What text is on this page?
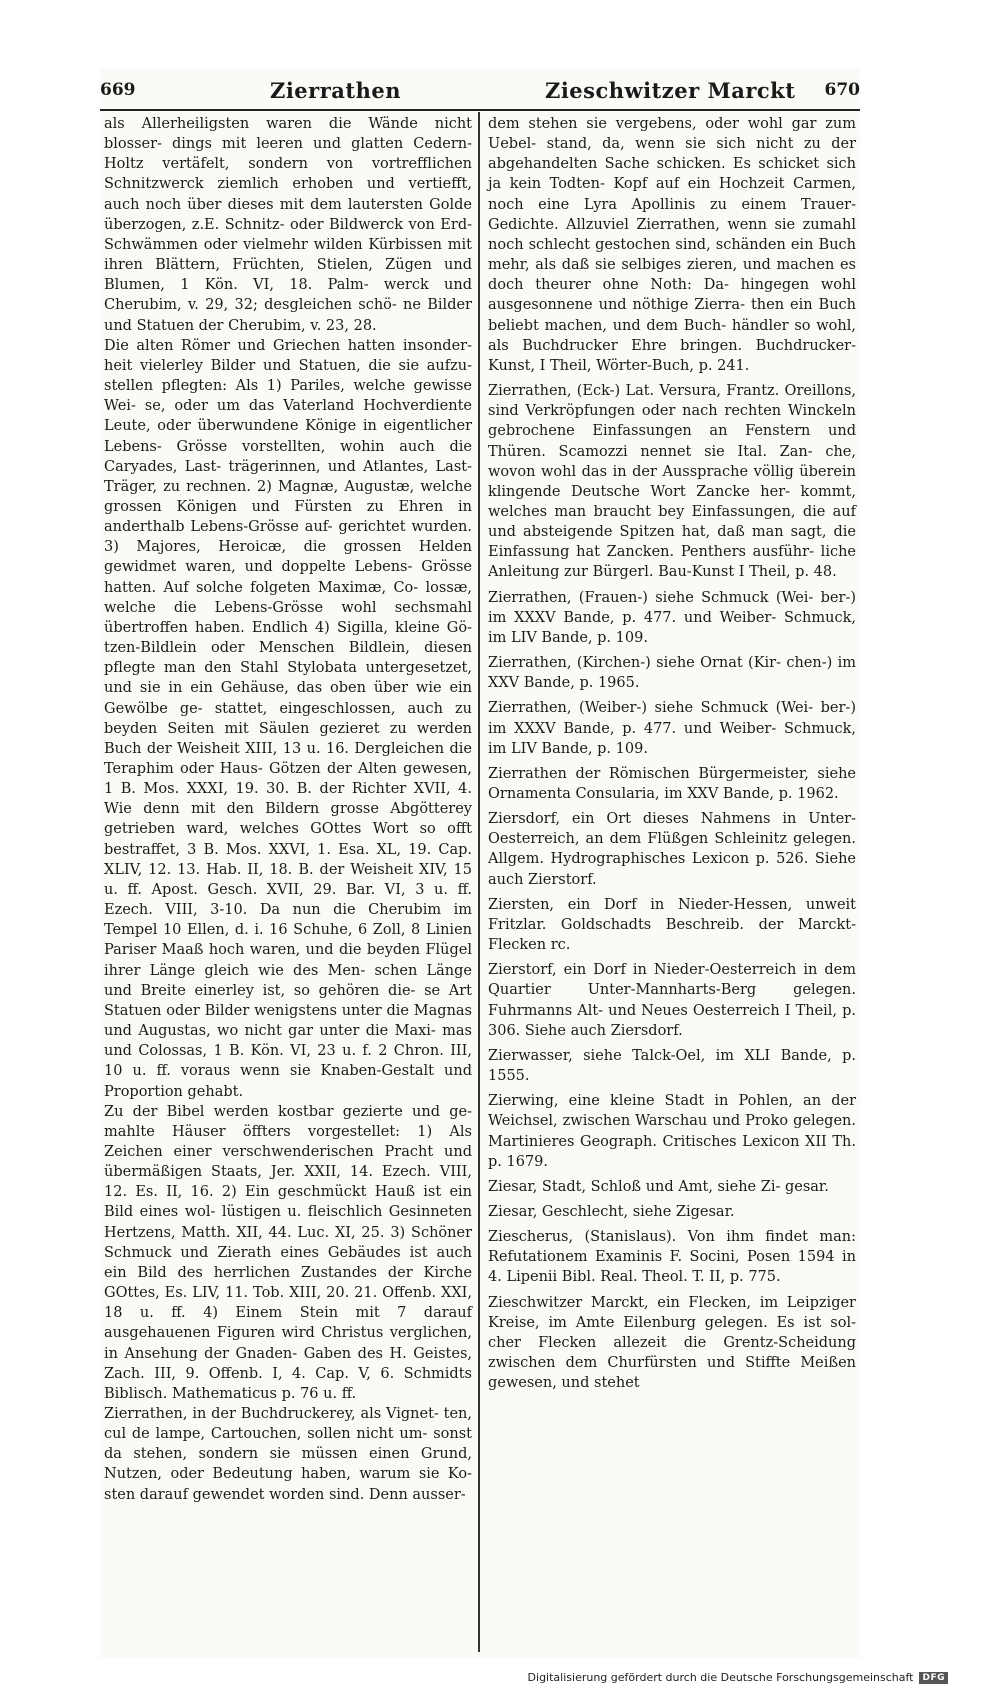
669	Zierrathen	Zieschwitzer Marckt 670

als Allerheiligsten waren die Wände nicht blosser- dings mit leeren und glatten Cedern-Holtz vertäfelt, sondern von vortrefflichen Schnitzwerck ziemlich erhoben und vertiefft, auch noch über dieses mit dem lautersten Golde überzogen, z.E. Schnitz- oder Bildwerck von Erd-Schwämmen oder vielmehr wilden Kürbissen mit ihren Blättern, Früchten, Stielen, Zügen und Blumen, 1 Kön. VI, 18. Palm- werck und Cherubim, v. 29, 32; desgleichen schö- ne Bilder und Statuen der Cherubim, v. 23, 28.

Die alten Römer und Griechen hatten insonder- heit vielerley Bilder und Statuen, die sie aufzu- stellen pflegten: Als 1) Pariles, welche gewisse Wei- se, oder um das Vaterland Hochverdiente Leute, oder überwundene Könige in eigentlicher Lebens- Grösse vorstellten, wohin auch die Caryades, Last- trägerinnen, und Atlantes, Last-Träger, zu rechnen. 2) Magnæ, Augustæ, welche grossen Königen und Fürsten zu Ehren in anderthalb Lebens-Grösse auf- gerichtet wurden. 3) Majores, Heroicæ, die grossen Helden gewidmet waren, und doppelte Lebens- Grösse hatten. Auf solche folgeten Maximæ, Co- lossæ, welche die Lebens-Grösse wohl sechsmahl übertroffen haben. Endlich 4) Sigilla, kleine Gö- tzen-Bildlein oder Menschen Bildlein, diesen pflegte man den Stahl Stylobata untergesetzet, und sie in ein Gehäuse, das oben über wie ein Gewölbe ge- stattet, eingeschlossen, auch zu beyden Seiten mit Säulen gezieret zu werden Buch der Weisheit XIII, 13 u. 16. Dergleichen die Teraphim oder Haus- Götzen der Alten gewesen, 1 B. Mos. XXXI, 19. 30. B. der Richter XVII, 4. Wie denn mit den Bildern grosse Abgötterey getrieben ward, welches GOttes Wort so offt bestraffet, 3 B. Mos. XXVI, 1. Esa. XL, 19. Cap. XLIV, 12. 13. Hab. II, 18. B. der Weisheit XIV, 15 u. ff. Apost. Gesch. XVII, 29. Bar. VI, 3 u. ff. Ezech. VIII, 3-10. Da nun die Cherubim im Tempel 10 Ellen, d. i. 16 Schuhe, 6 Zoll, 8 Linien Pariser Maaß hoch waren, und die beyden Flügel ihrer Länge gleich wie des Men- schen Länge und Breite einerley ist, so gehören die- se Art Statuen oder Bilder wenigstens unter die Magnas und Augustas, wo nicht gar unter die Maxi- mas und Colossas, 1 B. Kön. VI, 23 u. f. 2 Chron. III, 10 u. ff. voraus wenn sie Knaben-Gestalt und Proportion gehabt.

Zu der Bibel werden kostbar gezierte und ge- mahlte Häuser öffters vorgestellet: 1) Als Zeichen einer verschwenderischen Pracht und übermäßigen Staats, Jer. XXII, 14. Ezech. VIII, 12. Es. II, 16. 2) Ein geschmückt Hauß ist ein Bild eines wol- lüstigen u. fleischlich Gesinneten Hertzens, Matth. XII, 44. Luc. XI, 25. 3) Schöner Schmuck und Zierath eines Gebäudes ist auch ein Bild des herrlichen Zustandes der Kirche GOttes, Es. LIV, 11. Tob. XIII, 20. 21. Offenb. XXI, 18 u. ff. 4) Einem Stein mit 7 darauf ausgehauenen Figuren wird Christus verglichen, in Ansehung der Gnaden- Gaben des H. Geistes, Zach. III, 9. Offenb. I, 4. Cap. V, 6. Schmidts Biblisch. Mathematicus p. 76 u. ff.

Zierrathen, in der Buchdruckerey, als Vignet- ten, cul de lampe, Cartouchen, sollen nicht um- sonst da stehen, sondern sie müssen einen Grund, Nutzen, oder Bedeutung haben, warum sie Ko- sten darauf gewendet worden sind. Denn ausser-

dem stehen sie vergebens, oder wohl gar zum Uebel- stand, da, wenn sie sich nicht zu der abgehandelten Sache schicken. Es schicket sich ja kein Todten- Kopf auf ein Hochzeit Carmen, noch eine Lyra Apollinis zu einem Trauer-Gedichte. Allzuviel Zierrathen, wenn sie zumahl noch schlecht gestochen sind, schänden ein Buch mehr, als daß sie selbiges zieren, und machen es doch theurer ohne Noth: Da- hingegen wohl ausgesonnene und nöthige Zierra- then ein Buch beliebt machen, und dem Buch- händler so wohl, als Buchdrucker Ehre bringen. Buchdrucker-Kunst, I Theil, Wörter-Buch, p. 241.

Zierrathen, (Eck-) Lat. Versura, Frantz. Oreillons, sind Verkröpfungen oder nach rechten Winckeln gebrochene Einfassungen an Fenstern und Thüren. Scamozzi nennet sie Ital. Zan- che, wovon wohl das in der Aussprache völlig überein klingende Deutsche Wort Zancke her- kommt, welches man braucht bey Einfassungen, die auf und absteigende Spitzen hat, daß man sagt, die Einfassung hat Zancken. Penthers ausführ- liche Anleitung zur Bürgerl. Bau-Kunst I Theil, p. 48.

Zierrathen, (Frauen-) siehe Schmuck (Wei- ber-) im XXXV Bande, p. 477. und Weiber- Schmuck, im LIV Bande, p. 109.

Zierrathen, (Kirchen-) siehe Ornat (Kir- chen-) im XXV Bande, p. 1965.

Zierrathen, (Weiber-) siehe Schmuck (Wei- ber-) im XXXV Bande, p. 477. und Weiber- Schmuck, im LIV Bande, p. 109.

Zierrathen der Römischen Bürgermeister, siehe Ornamenta Consularia, im XXV Bande, p. 1962.

Ziersdorf, ein Ort dieses Nahmens in Unter- Oesterreich, an dem Flüßgen Schleinitz gelegen. Allgem. Hydrographisches Lexicon p. 526. Siehe auch Zierstorf.

Ziersten, ein Dorf in Nieder-Hessen, unweit Fritzlar. Goldschadts Beschreib. der Marckt- Flecken rc.

Zierstorf, ein Dorf in Nieder-Oesterreich in dem Quartier Unter-Mannharts-Berg gelegen. Fuhrmanns Alt- und Neues Oesterreich I Theil, p. 306. Siehe auch Ziersdorf.

Zierwasser, siehe Talck-Oel, im XLI Bande, p. 1555.

Zierwing, eine kleine Stadt in Pohlen, an der Weichsel, zwischen Warschau und Proko gelegen. Martinieres Geograph. Critisches Lexicon XII Th. p. 1679.

Ziesar, Stadt, Schloß und Amt, siehe Zi- gesar.

Ziesar, Geschlecht, siehe Zigesar.

Ziescherus, (Stanislaus). Von ihm findet man: Refutationem Examinis F. Socini, Posen 1594 in 4. Lipenii Bibl. Real. Theol. T. II, p. 775.

Zieschwitzer Marckt, ein Flecken, im Leipziger Kreise, im Amte Eilenburg gelegen. Es ist sol- cher Flecken allezeit die Grentz-Scheidung zwischen dem Churfürsten und Stiffte Meißen gewesen, und stehet

Digitalisierung gefördert durch die Deutsche Forschungsgemeinschaft	DFG
